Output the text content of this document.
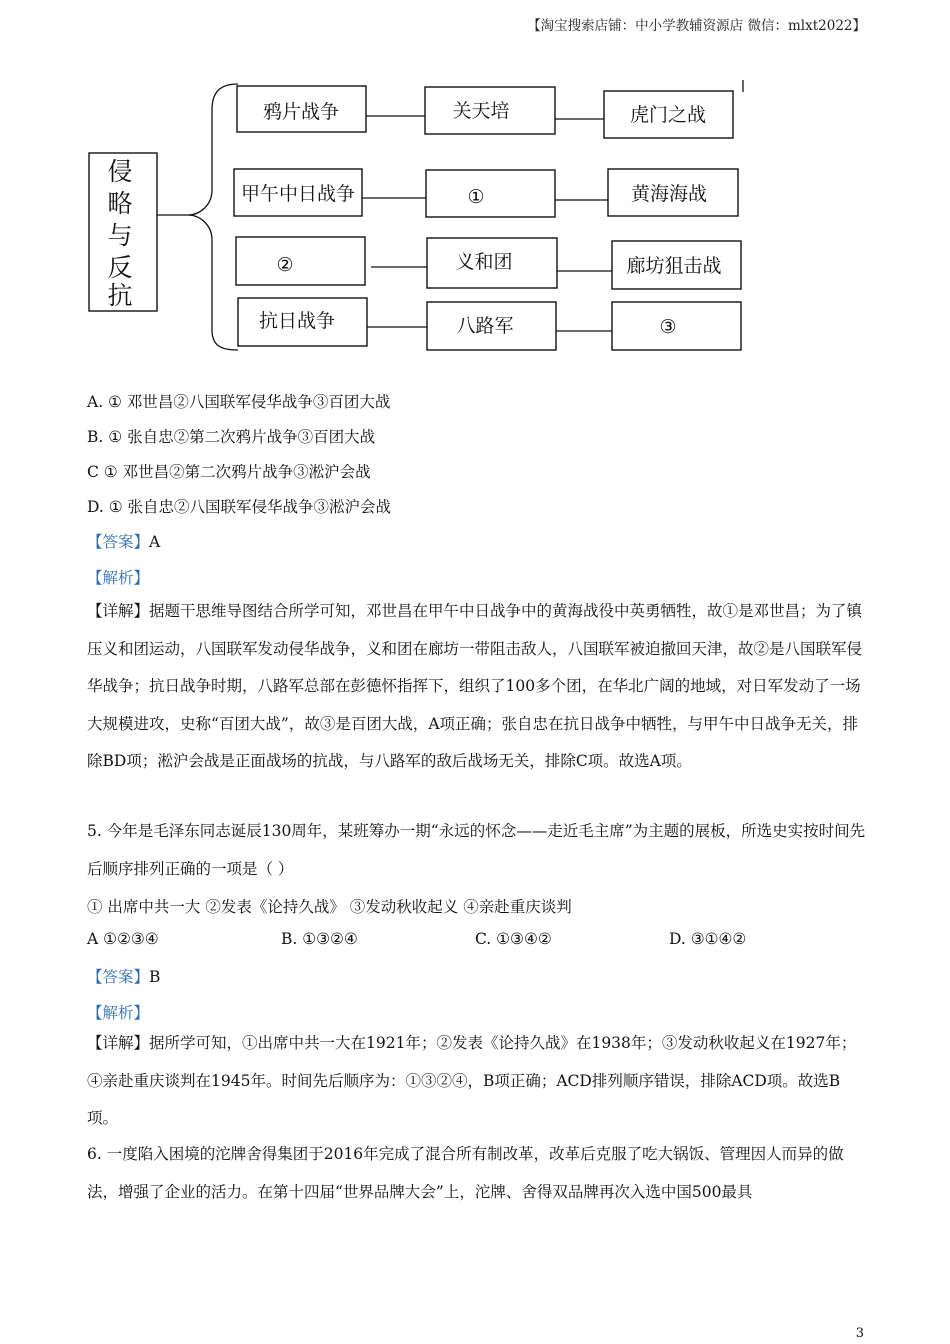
【淘宝搜索店铺：中小学教辅资源店 微信：mlxt2022】
侵
略
与
反
抗
鸦片战争	关天培	虎门之战
甲午中日战争	①	黄海海战
②	义和团	廊坊狙击战
抗日战争	八路军	③
A. ① 邓世昌②八国联军侵华战争③百团大战
B. ① 张自忠②第二次鸦片战争③百团大战
C ① 邓世昌②第二次鸦片战争③淞沪会战
D. ① 张自忠②八国联军侵华战争③淞沪会战
【答案】A
【解析】
【详解】据题干思维导图结合所学可知，邓世昌在甲午中日战争中的黄海战役中英勇牺牲，故①是邓世昌；为了镇压义和团运动，八国联军发动侵华战争，义和团在廊坊一带阻击敌人，八国联军被迫撤回天津，故②是八国联军侵华战争；抗日战争时期，八路军总部在彭德怀指挥下，组织了100多个团，在华北广阔的地域，对日军发动了一场大规模进攻，史称“百团大战”，故③是百团大战，A项正确；张自忠在抗日战争中牺牲，与甲午中日战争无关，排除BD项；淞沪会战是正面战场的抗战，与八路军的敌后战场无关，排除C项。故选A项。
5. 今年是毛泽东同志诞辰130周年，某班筹办一期“永远的怀念——走近毛主席”为主题的展板，所选史实按时间先后顺序排列正确的一项是（ ）
① 出席中共一大 ②发表《论持久战》 ③发动秋收起义 ④亲赴重庆谈判
A ①②③④	B. ①③②④	C. ①③④②	D. ③①④②
【答案】B
【解析】
【详解】据所学可知，①出席中共一大在1921年；②发表《论持久战》在1938年；③发动秋收起义在1927年；④亲赴重庆谈判在1945年。时间先后顺序为：①③②④，B项正确；ACD排列顺序错误，排除ACD项。故选B项。
6. 一度陷入困境的沱牌舍得集团于2016年完成了混合所有制改革，改革后克服了吃大锅饭、管理因人而异的做法，增强了企业的活力。在第十四届“世界品牌大会”上，沱牌、舍得双品牌再次入选中国500最具
3
